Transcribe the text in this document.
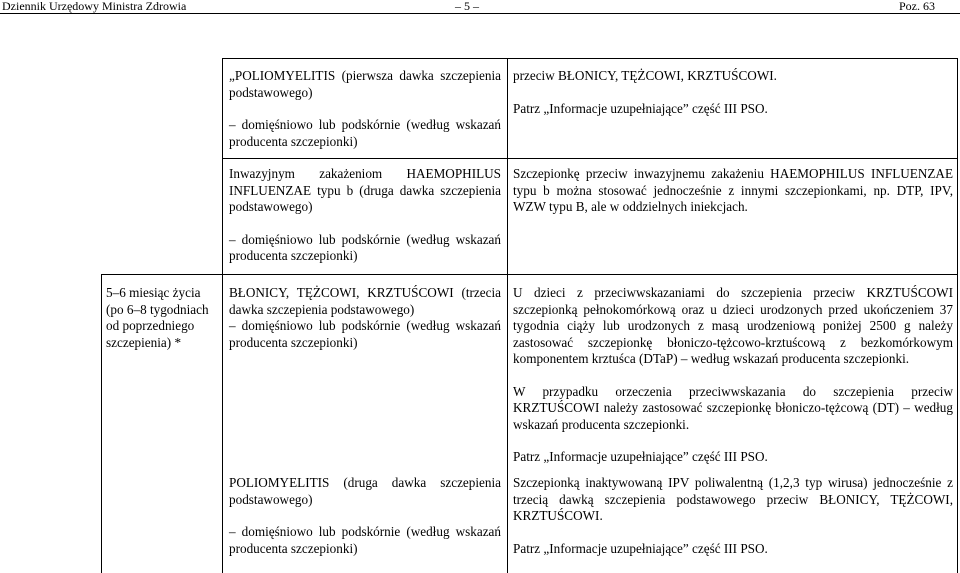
Dziennik Urzędowy Ministra Zdrowia	– 5 –	Poz. 63

„POLIOMYELITIS (pierwsza dawka szczepienia podstawowego)

– domięśniowo lub podskórnie (według wskazań producenta szczepionki)

przeciw BŁONICY, TĘŻCOWI, KRZTUŚCOWI.

Patrz „Informacje uzupełniające” część III PSO.

Inwazyjnym zakażeniom HAEMOPHILUS INFLUENZAE typu b (druga dawka szczepienia podstawowego)

– domięśniowo lub podskórnie (według wskazań producenta szczepionki)

Szczepionkę przeciw inwazyjnemu zakażeniu HAEMOPHILUS INFLUENZAE typu b można stosować jednocześnie z innymi szczepionkami, np. DTP, IPV, WZW typu B, ale w oddzielnych iniekcjach.

5–6 miesiąc życia (po 6–8 tygodniach od poprzedniego szczepienia) *

BŁONICY, TĘŻCOWI, KRZTUŚCOWI (trzecia dawka szczepienia podstawowego)

– domięśniowo lub podskórnie (według wskazań producenta szczepionki)

U dzieci z przeciwwskazaniami do szczepienia przeciw KRZTUŚCOWI szczepionką pełnokomórkową oraz u dzieci urodzonych przed ukończeniem 37 tygodnia ciąży lub urodzonych z masą urodzeniową poniżej 2500 g należy zastosować szczepionkę błoniczo-tężcowo-krztuścową z bezkomórkowym komponentem krztuśca (DTaP) – według wskazań producenta szczepionki.

W przypadku orzeczenia przeciwwskazania do szczepienia przeciw KRZTUŚCOWI należy zastosować szczepionkę błoniczo-tężcową (DT) – według wskazań producenta szczepionki.

Patrz „Informacje uzupełniające” część III PSO.

POLIOMYELITIS (druga dawka szczepienia podstawowego)

– domięśniowo lub podskórnie (według wskazań producenta szczepionki)

Szczepionką inaktywowaną IPV poliwalentną (1,2,3 typ wirusa) jednocześnie z trzecią dawką szczepienia podstawowego przeciw BŁONICY, TĘŻCOWI, KRZTUŚCOWI.

Patrz „Informacje uzupełniające” część III PSO.
